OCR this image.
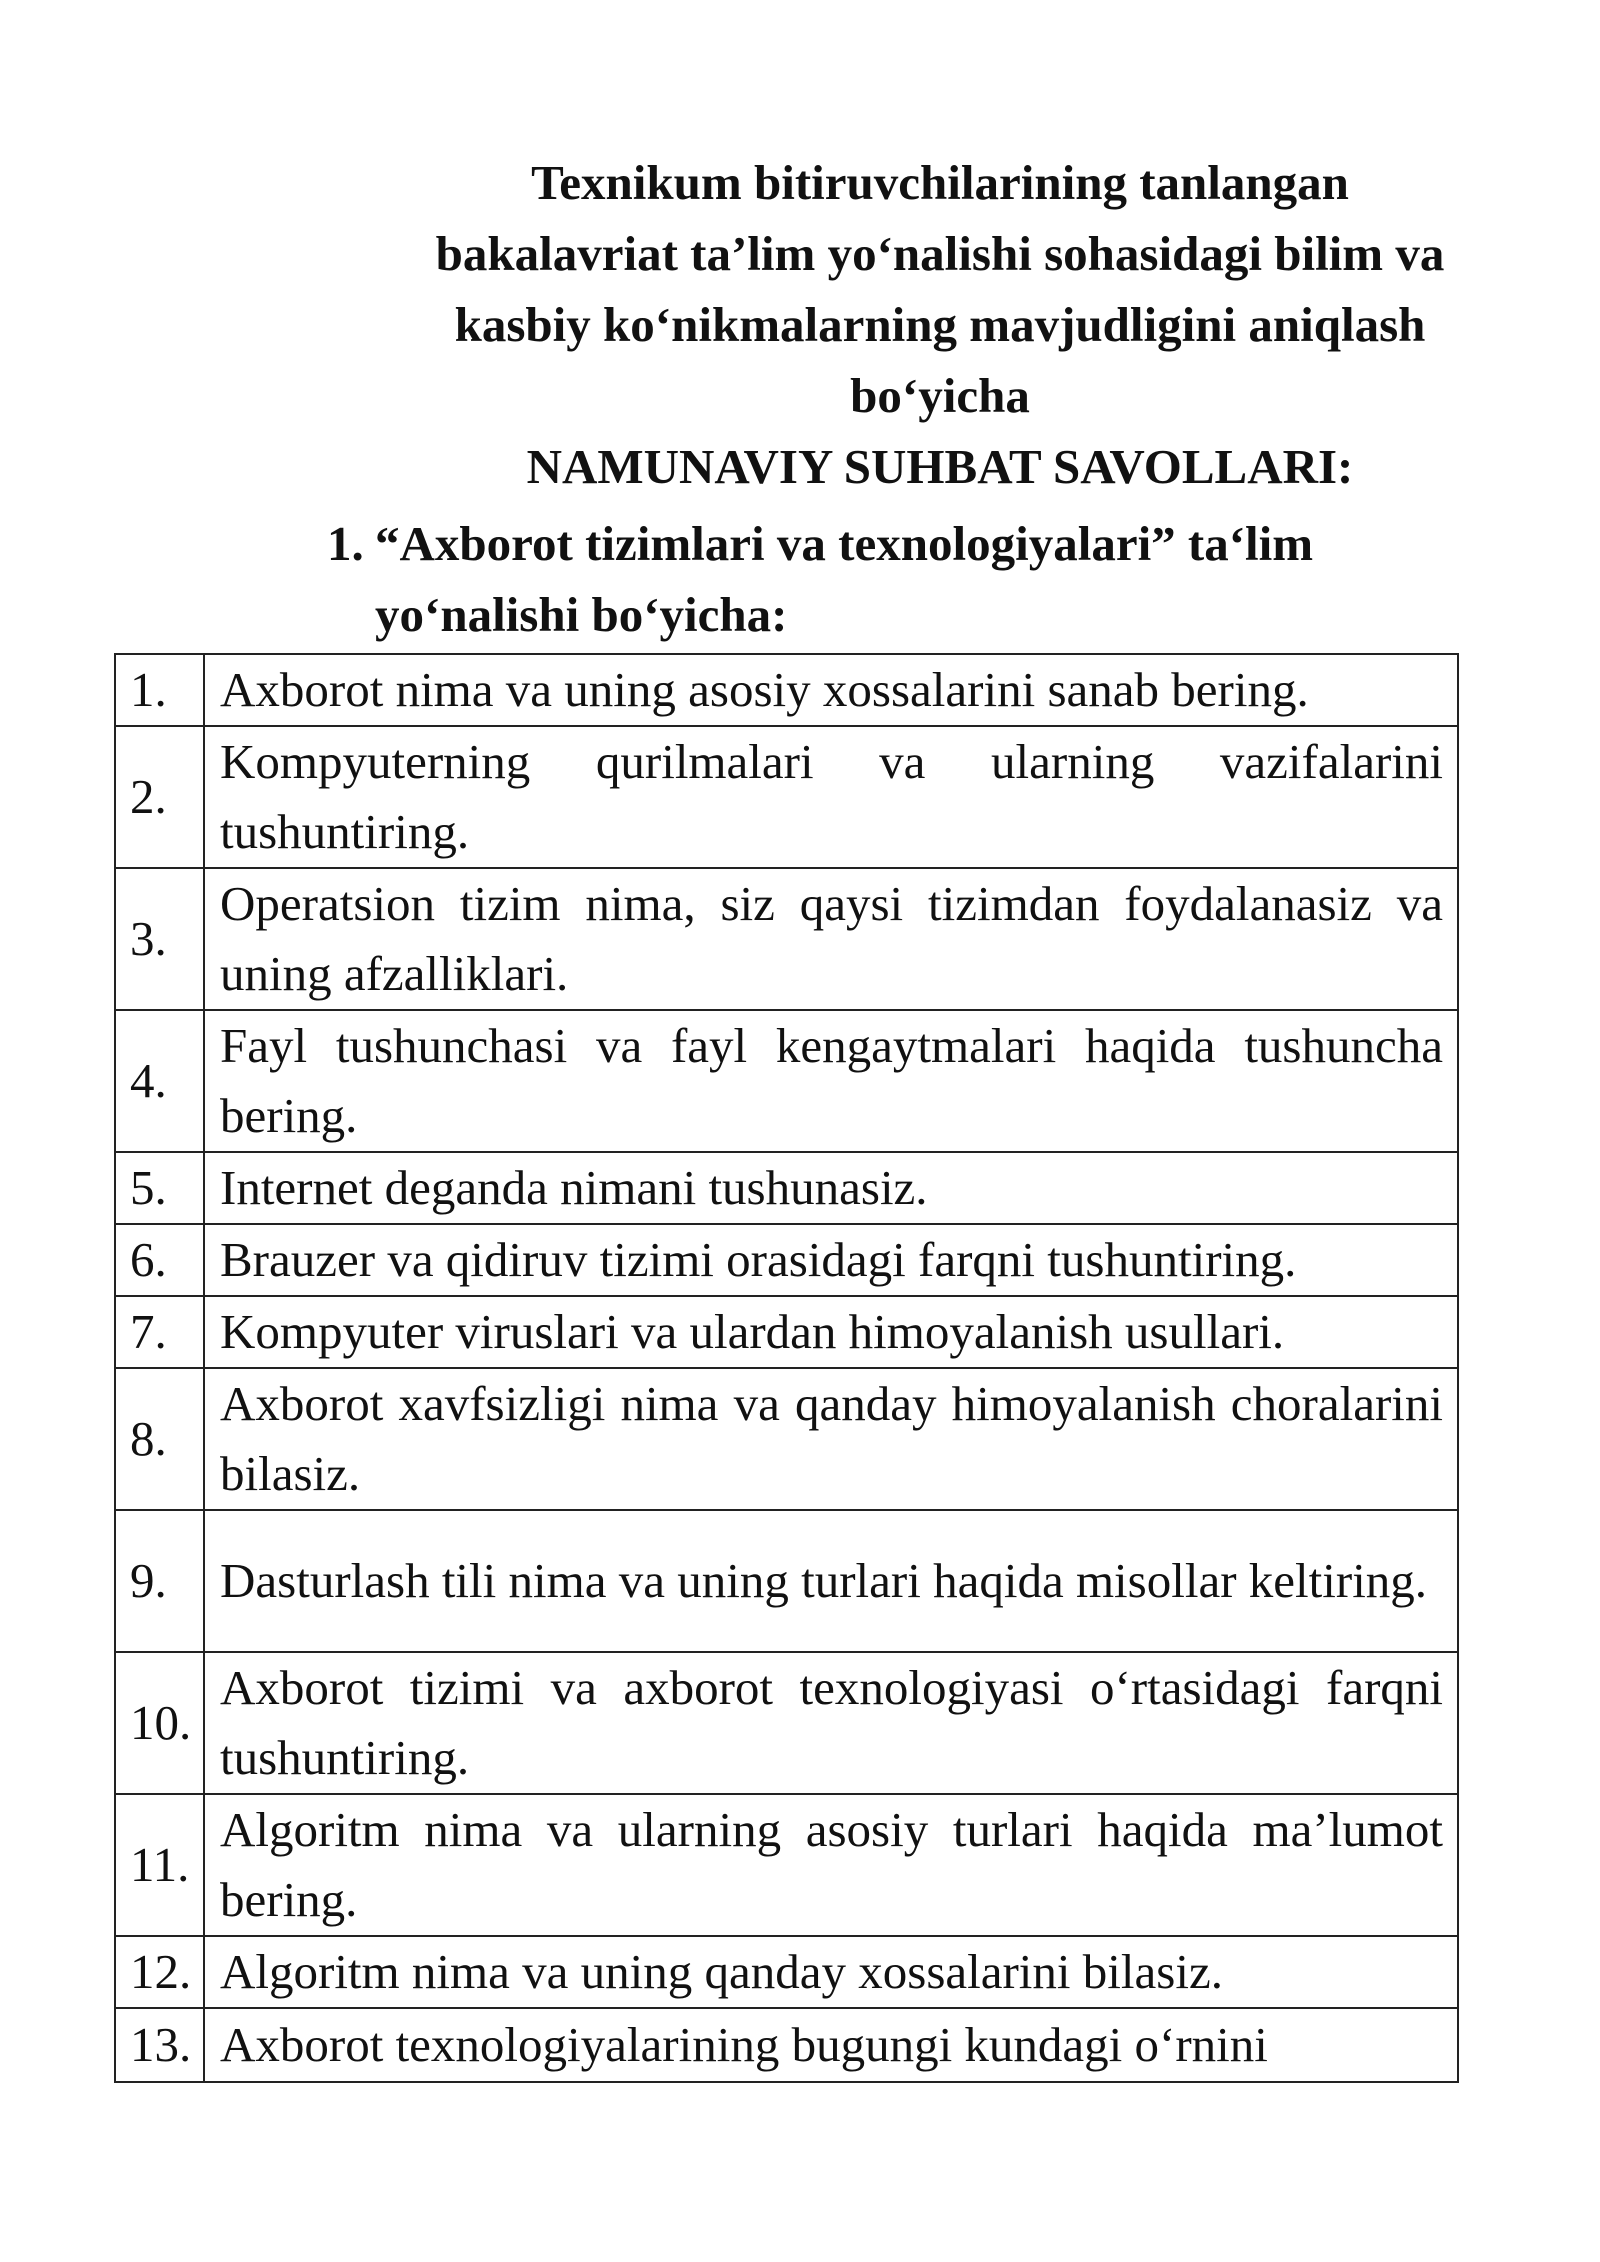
Texnikum bitiruvchilarining tanlangan
bakalavriat ta’lim yo‘nalishi sohasidagi bilim va
kasbiy ko‘nikmalarning mavjudligini aniqlash
bo‘yicha
NAMUNAVIY SUHBAT SAVOLLARI:
1. “Axborot tizimlari va texnologiyalari” ta‘lim
yo‘nalishi bo‘yicha:
1.	Axborot nima va uning asosiy xossalarini sanab bering.
2.	Kompyuterning qurilmalari va ularning vazifalarini tushuntiring.
3.	Operatsion tizim nima, siz qaysi tizimdan foydalanasiz va uning afzalliklari.
4.	Fayl tushunchasi va fayl kengaytmalari haqida tushuncha bering.
5.	Internet deganda nimani tushunasiz.
6.	Brauzer va qidiruv tizimi orasidagi farqni tushuntiring.
7.	Kompyuter viruslari va ulardan himoyalanish usullari.
8.	Axborot xavfsizligi nima va qanday himoyalanish choralarini bilasiz.
9.	Dasturlash tili nima va uning turlari haqida misollar keltiring.
10.	Axborot tizimi va axborot texnologiyasi o‘rtasidagi farqni tushuntiring.
11.	Algoritm nima va ularning asosiy turlari haqida ma’lumot bering.
12.	Algoritm nima va uning qanday xossalarini bilasiz.
13.	Axborot texnologiyalarining bugungi kundagi o‘rnini
